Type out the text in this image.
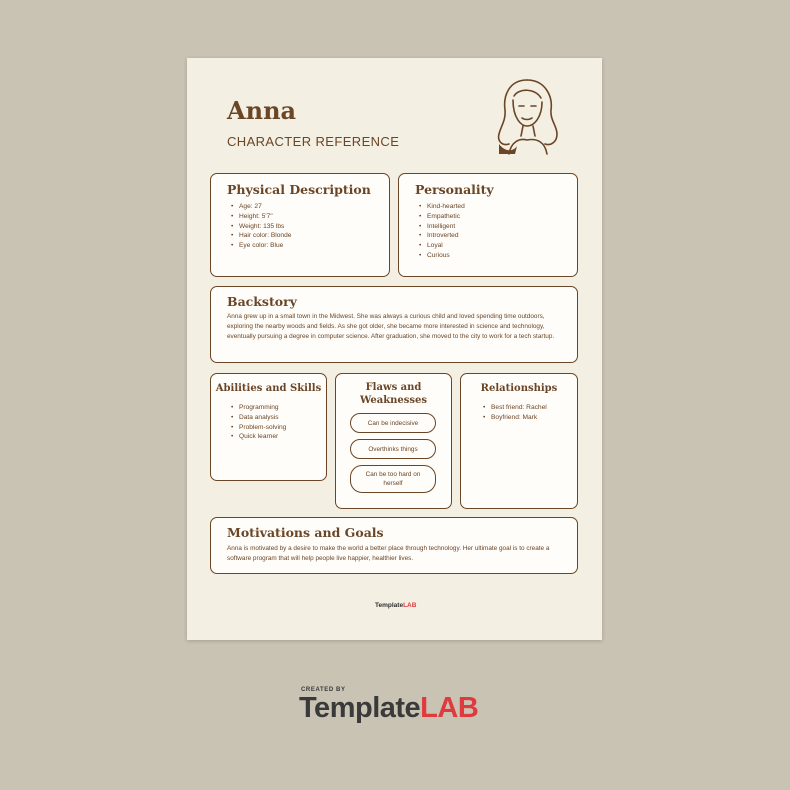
Anna
CHARACTER REFERENCE
Physical Description
• Age: 27
• Height: 5'7"
• Weight: 135 lbs
• Hair color: Blonde
• Eye color: Blue
Personality
• Kind-hearted
• Empathetic
• Intelligent
• Introverted
• Loyal
• Curious
Backstory

Anna grew up in a small town in the Midwest. She was always a curious child and loved spending time outdoors, exploring the nearby woods and fields. As she got older, she became more interested in science and technology, eventually pursuing a degree in computer science. After graduation, she moved to the city to work for a tech startup.

Abilities and Skills
• Programming
• Data analysis
• Problem-solving
• Quick learner
Flaws and Weaknesses
Can be indecisive
Overthinks things
Can be too hard on herself
Relationships
• Best friend: Rachel
• Boyfriend: Mark
Motivations and Goals

Anna is motivated by a desire to make the world a better place through technology. Her ultimate goal is to create a software program that will help people live happier, healthier lives.

TemplateLAB
CREATED BY
TemplateLAB
